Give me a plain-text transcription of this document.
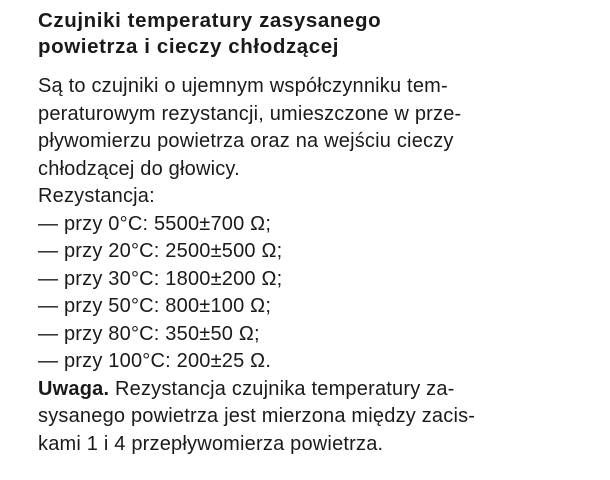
Czujniki temperatury zasysanego
powietrza i cieczy chłodzącej
Są to czujniki o ujemnym współczynniku tem-
peraturowym rezystancji, umieszczone w prze-
pływomierzu powietrza oraz na wejściu cieczy
chłodzącej do głowicy.
Rezystancja:
— przy 0°C: 5500±700 Ω;
— przy 20°C: 2500±500 Ω;
— przy 30°C: 1800±200 Ω;
— przy 50°C: 800±100 Ω;
— przy 80°C: 350±50 Ω;
— przy 100°C: 200±25 Ω.
Uwaga. Rezystancja czujnika temperatury za-
sysanego powietrza jest mierzona między zacis-
kami 1 i 4 przepływomierza powietrza.
